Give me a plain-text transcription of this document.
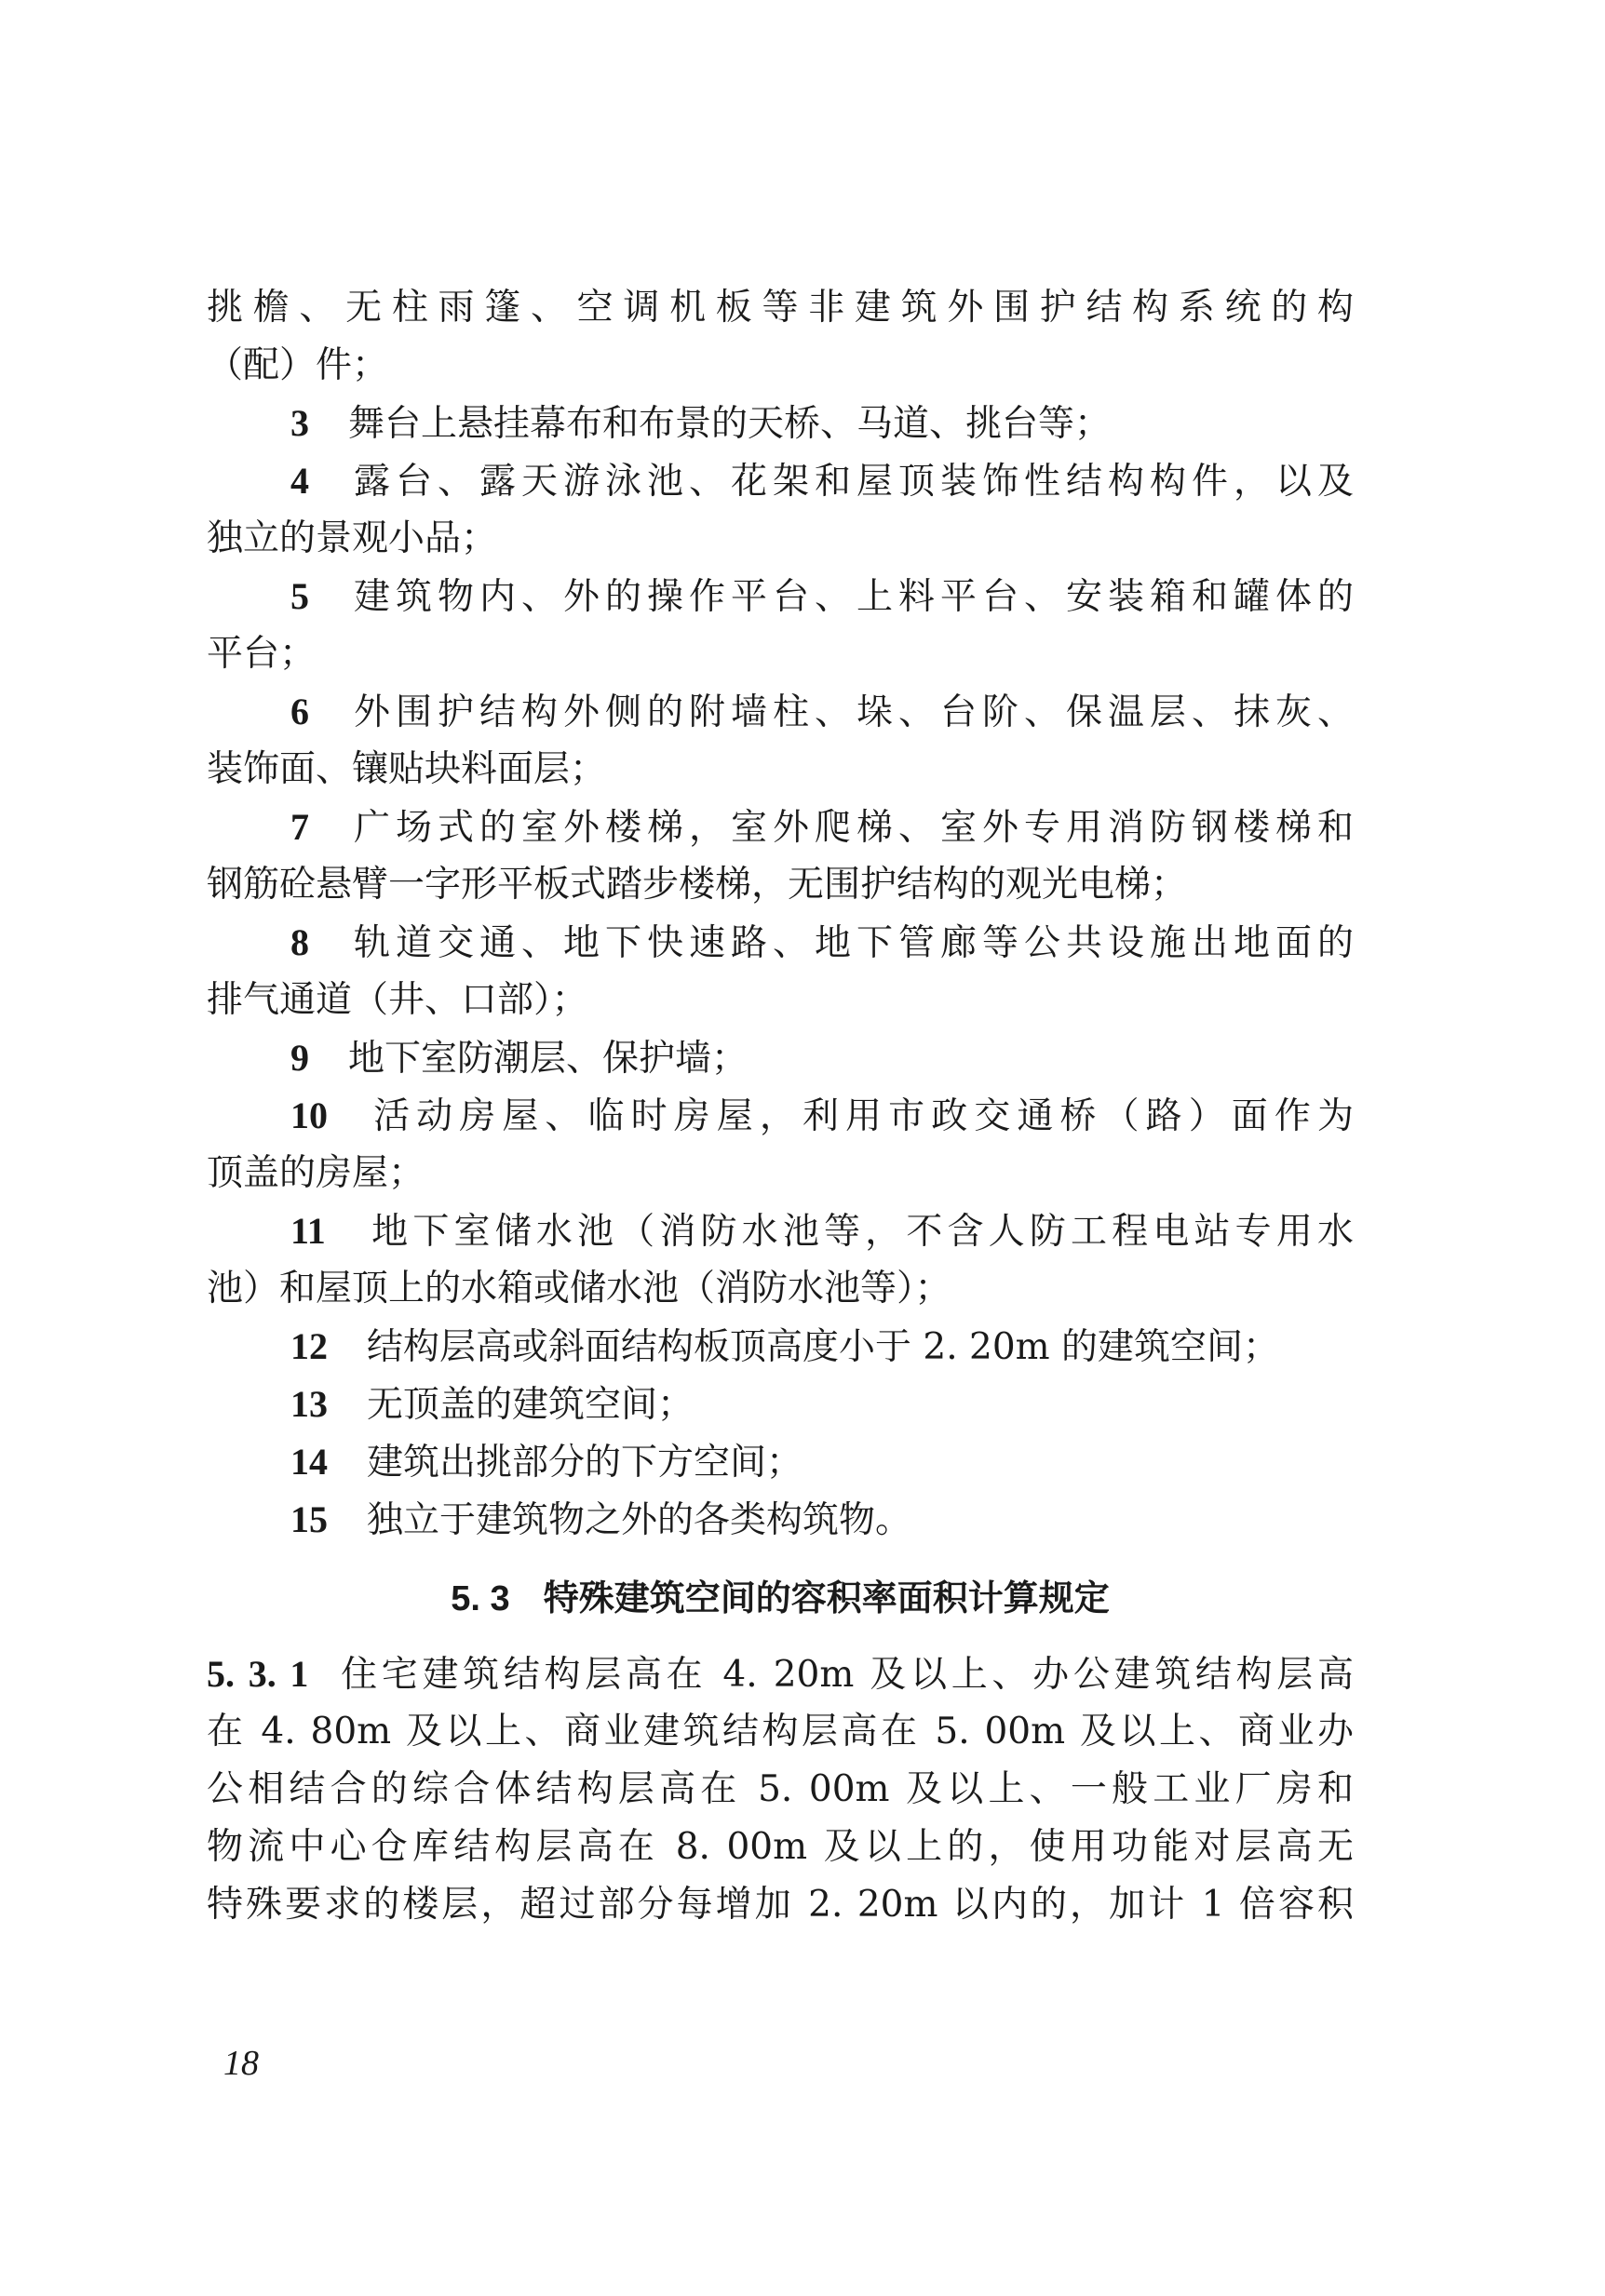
挑檐、无柱雨篷、空调机板等非建筑外围护结构系统的构
（配）件；
3 舞台上悬挂幕布和布景的天桥、马道、挑台等；
4 露台、露天游泳池、花架和屋顶装饰性结构构件，以及
独立的景观小品；
5 建筑物内、外的操作平台、上料平台、安装箱和罐体的
平台；
6 外围护结构外侧的附墙柱、垛、台阶、保温层、抹灰、
装饰面、镶贴块料面层；
7 广场式的室外楼梯，室外爬梯、室外专用消防钢楼梯和
钢筋砼悬臂一字形平板式踏步楼梯，无围护结构的观光电梯；
8 轨道交通、地下快速路、地下管廊等公共设施出地面的
排气通道（井、口部）；
9 地下室防潮层、保护墙；
10 活动房屋、临时房屋，利用市政交通桥（路）面作为
顶盖的房屋；
11 地下室储水池（消防水池等，不含人防工程电站专用水
池）和屋顶上的水箱或储水池（消防水池等）；
12 结构层高或斜面结构板顶高度小于 2. 20m 的建筑空间；
13 无顶盖的建筑空间；
14 建筑出挑部分的下方空间；
15 独立于建筑物之外的各类构筑物。
5. 3 特殊建筑空间的容积率面积计算规定
5. 3. 1 住宅建筑结构层高在 4. 20m 及以上、办公建筑结构层高
在 4. 80m 及以上、商业建筑结构层高在 5. 00m 及以上、商业办
公相结合的综合体结构层高在 5. 00m 及以上、一般工业厂房和
物流中心仓库结构层高在 8. 00m 及以上的，使用功能对层高无
特殊要求的楼层，超过部分每增加 2. 20m 以内的，加计 1 倍容积
18
